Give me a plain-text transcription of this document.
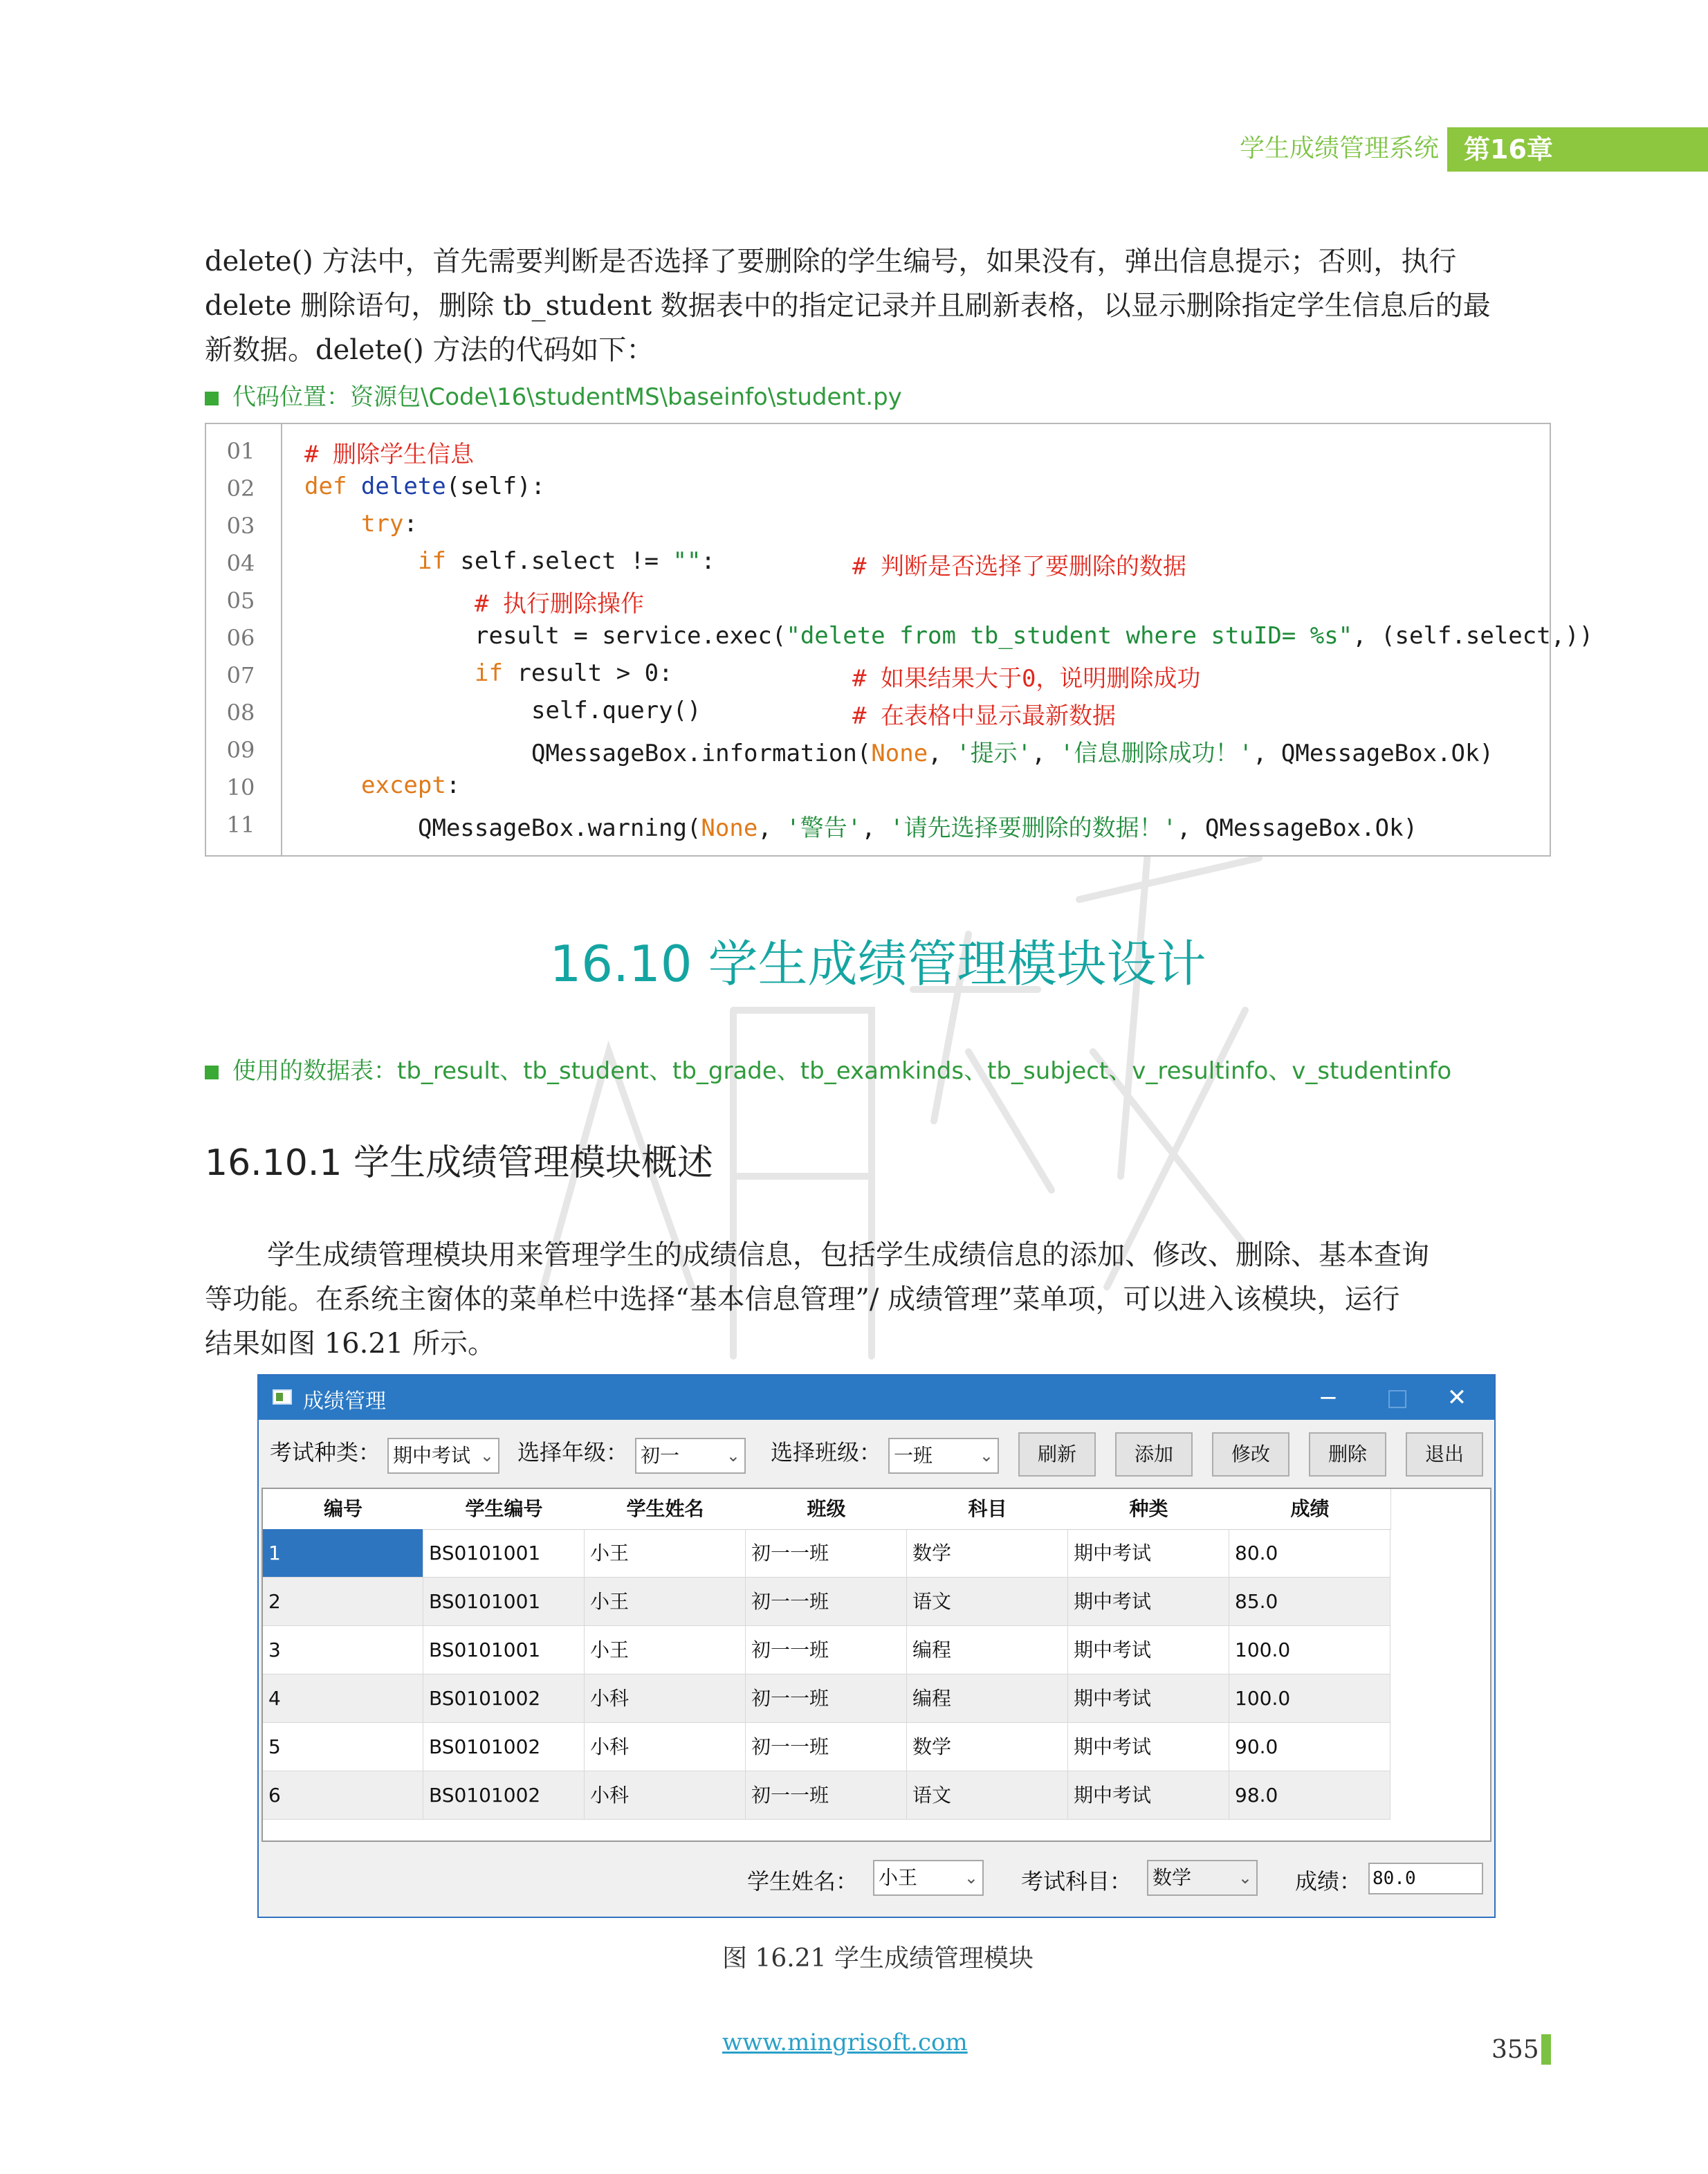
学生成绩管理系统 第16章
delete() 方法中，首先需要判断是否选择了要删除的学生编号，如果没有，弹出信息提示；否则，执行
delete 删除语句，删除 tb_student 数据表中的指定记录并且刷新表格，以显示删除指定学生信息后的最
新数据。delete() 方法的代码如下：
代码位置：资源包\Code\16\studentMS\baseinfo\student.py
01
02
03
04
05
06
07
08
09
10
11
# 删除学生信息
def delete(self):
try:
if self.select != "":	# 判断是否选择了要删除的数据
# 执行删除操作
result = service.exec("delete from tb_student where stuID= %s", (self.select,))
if result > 0:	# 如果结果大于0，说明删除成功
self.query()	# 在表格中显示最新数据
QMessageBox.information(None, '提示', '信息删除成功！', QMessageBox.Ok)
except:
QMessageBox.warning(None, '警告', '请先选择要删除的数据！', QMessageBox.Ok)
16.10 学生成绩管理模块设计
使用的数据表：tb_result、tb_student、tb_grade、tb_examkinds、tb_subject、v_resultinfo、v_studentinfo
16.10.1 学生成绩管理模块概述
学生成绩管理模块用来管理学生的成绩信息，包括学生成绩信息的添加、修改、删除、基本查询
等功能。在系统主窗体的菜单栏中选择“基本信息管理”/ 成绩管理”菜单项，可以进入该模块，运行
结果如图 16.21 所示。
成绩管理	−	□	✕
考试种类： 期中考试 ⌄ 选择年级： 初一	⌄ 选择班级： 一班	⌄	刷新	添加	修改	删除	退出
编号	学生编号	学生姓名	班级	科目	种类	成绩
1	BS0101001	小王	初一一班	数学	期中考试	80.0
2	BS0101001	小王	初一一班	语文	期中考试	85.0
3	BS0101001	小王	初一一班	编程	期中考试	100.0
4	BS0101002	小科	初一一班	编程	期中考试	100.0
5	BS0101002	小科	初一一班	数学	期中考试	90.0
6	BS0101002	小科	初一一班	语文	期中考试	98.0
学生姓名： 小王	⌄ 考试科目： 数学	⌄ 成绩： 80.0
图 16.21 学生成绩管理模块
www.mingrisoft.com	355
